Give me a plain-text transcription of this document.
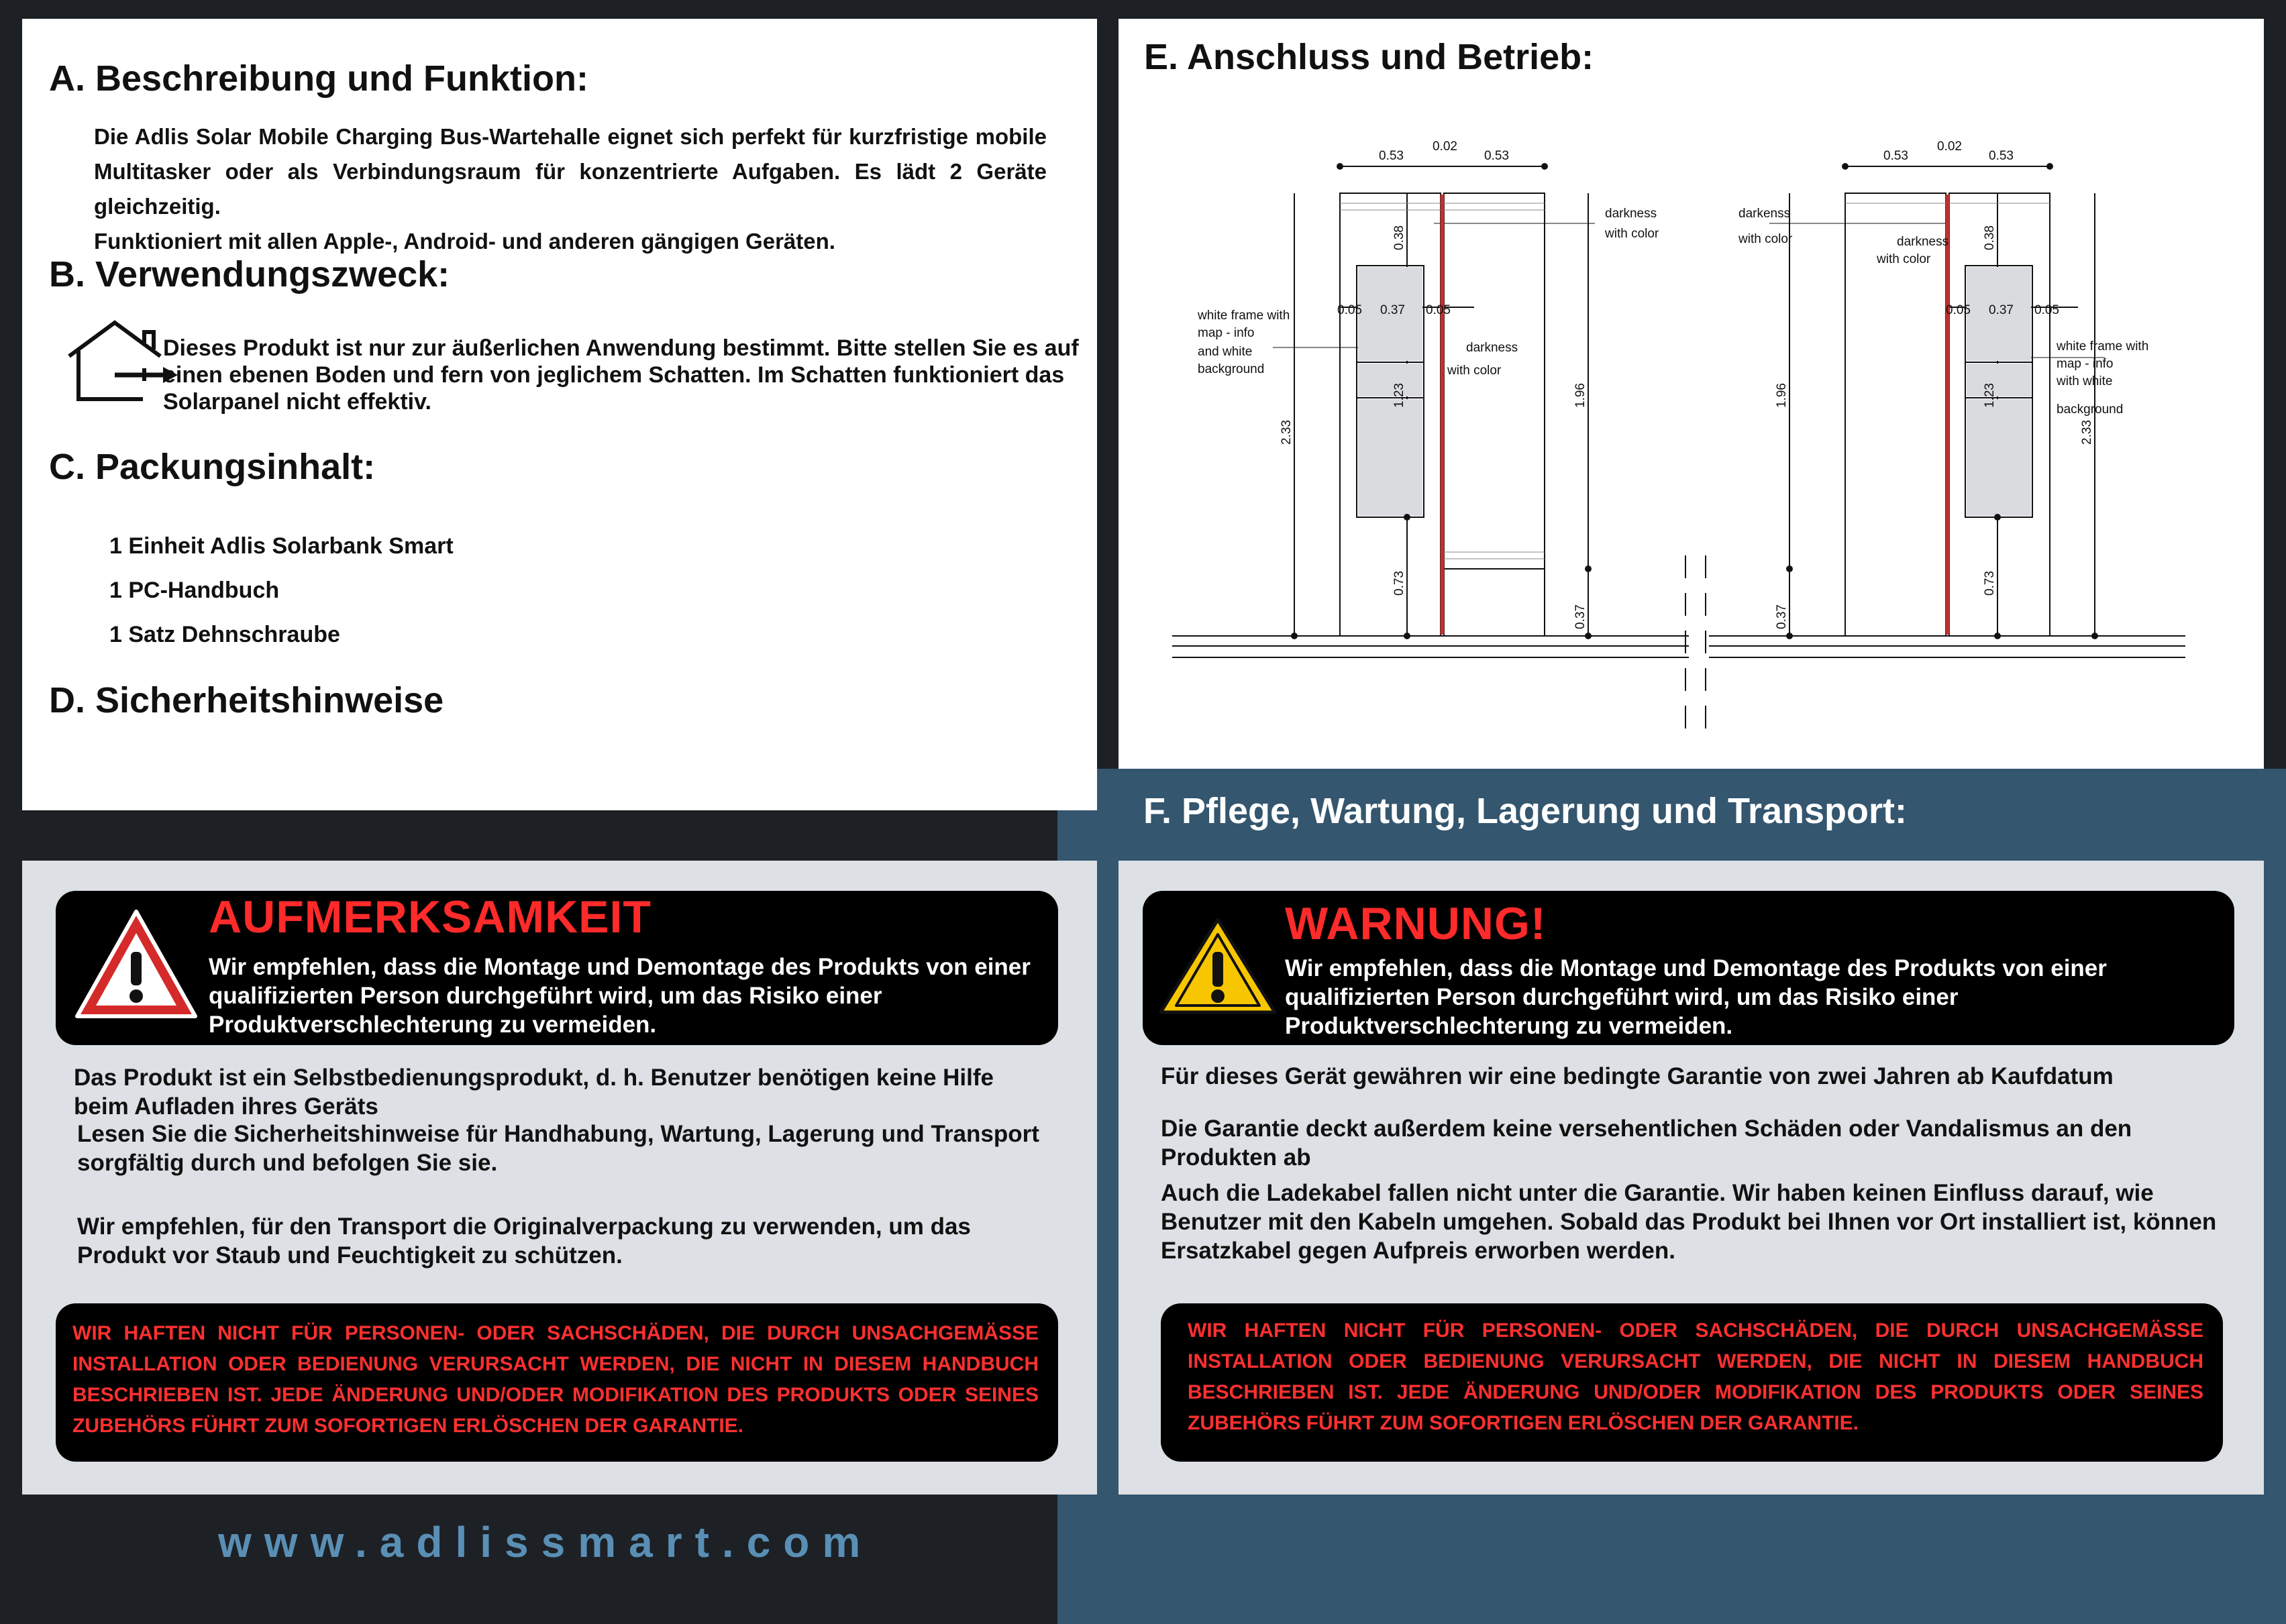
A. Beschreibung und Funktion:
Die Adlis Solar Mobile Charging Bus-Wartehalle eignet sich perfekt für kurzfristige mobile
Multitasker oder als Verbindungsraum für konzentrierte Aufgaben. Es lädt 2 Geräte
gleichzeitig.
Funktioniert mit allen Apple-, Android- und anderen gängigen Geräten.
B. Verwendungszweck:
Dieses Produkt ist nur zur äußerlichen Anwendung bestimmt. Bitte stellen Sie es auf einen ebenen Boden und fern von jeglichem Schatten. Im Schatten funktioniert das Solarpanel nicht effektiv.
C. Packungsinhalt:
1 Einheit Adlis Solarbank Smart
1 PC-Handbuch
1 Satz Dehnschraube
D. Sicherheitshinweise
E. Anschluss und Betrieb:
0.53
0.02
0.53	0.53
0.02
0.53
0.05 0.37 0.05	0.05 0.37 0.05
0.38
1.23
0.73
2.33
1.96
0.37
0.38
1.23
0.73
1.96
0.37
2.33
darkness
with color
white frame with
map - info
and white
background
darkness
with color
darkenss
with color	darkness
with color
white frame with
map - info
with white
background
F. Pflege, Wartung, Lagerung und Transport:
AUFMERKSAMKEIT
Wir empfehlen, dass die Montage und Demontage des Produkts von einer qualifizierten Person durchgeführt wird, um das Risiko einer Produktverschlechterung zu vermeiden.
Das Produkt ist ein Selbstbedienungsprodukt, d. h. Benutzer benötigen keine Hilfe beim Aufladen ihres Geräts
Lesen Sie die Sicherheitshinweise für Handhabung, Wartung, Lagerung und Transport sorgfältig durch und befolgen Sie sie.
Wir empfehlen, für den Transport die Originalverpackung zu verwenden, um das Produkt vor Staub und Feuchtigkeit zu schützen.
WIR HAFTEN NICHT FÜR PERSONEN- ODER SACHSCHÄDEN, DIE DURCH UNSACHGEMÄSSE INSTALLATION ODER BEDIENUNG VERURSACHT WERDEN, DIE NICHT IN DIESEM HANDBUCH BESCHRIEBEN IST. JEDE ÄNDERUNG UND/ODER MODIFIKATION DES PRODUKTS ODER SEINES ZUBEHÖRS FÜHRT ZUM SOFORTIGEN ERLÖSCHEN DER GARANTIE.
WARNUNG!
Wir empfehlen, dass die Montage und Demontage des Produkts von einer qualifizierten Person durchgeführt wird, um das Risiko einer Produktverschlechterung zu vermeiden.
Für dieses Gerät gewähren wir eine bedingte Garantie von zwei Jahren ab Kaufdatum
Die Garantie deckt außerdem keine versehentlichen Schäden oder Vandalismus an den Produkten ab
Auch die Ladekabel fallen nicht unter die Garantie. Wir haben keinen Einfluss darauf, wie Benutzer mit den Kabeln umgehen. Sobald das Produkt bei Ihnen vor Ort installiert ist, können Ersatzkabel gegen Aufpreis erworben werden.
WIR HAFTEN NICHT FÜR PERSONEN- ODER SACHSCHÄDEN, DIE DURCH UNSACHGEMÄSSE INSTALLATION ODER BEDIENUNG VERURSACHT WERDEN, DIE NICHT IN DIESEM HANDBUCH BESCHRIEBEN IST. JEDE ÄNDERUNG UND/ODER MODIFIKATION DES PRODUKTS ODER SEINES ZUBEHÖRS FÜHRT ZUM SOFORTIGEN ERLÖSCHEN DER GARANTIE.
www.adlissmart.com
